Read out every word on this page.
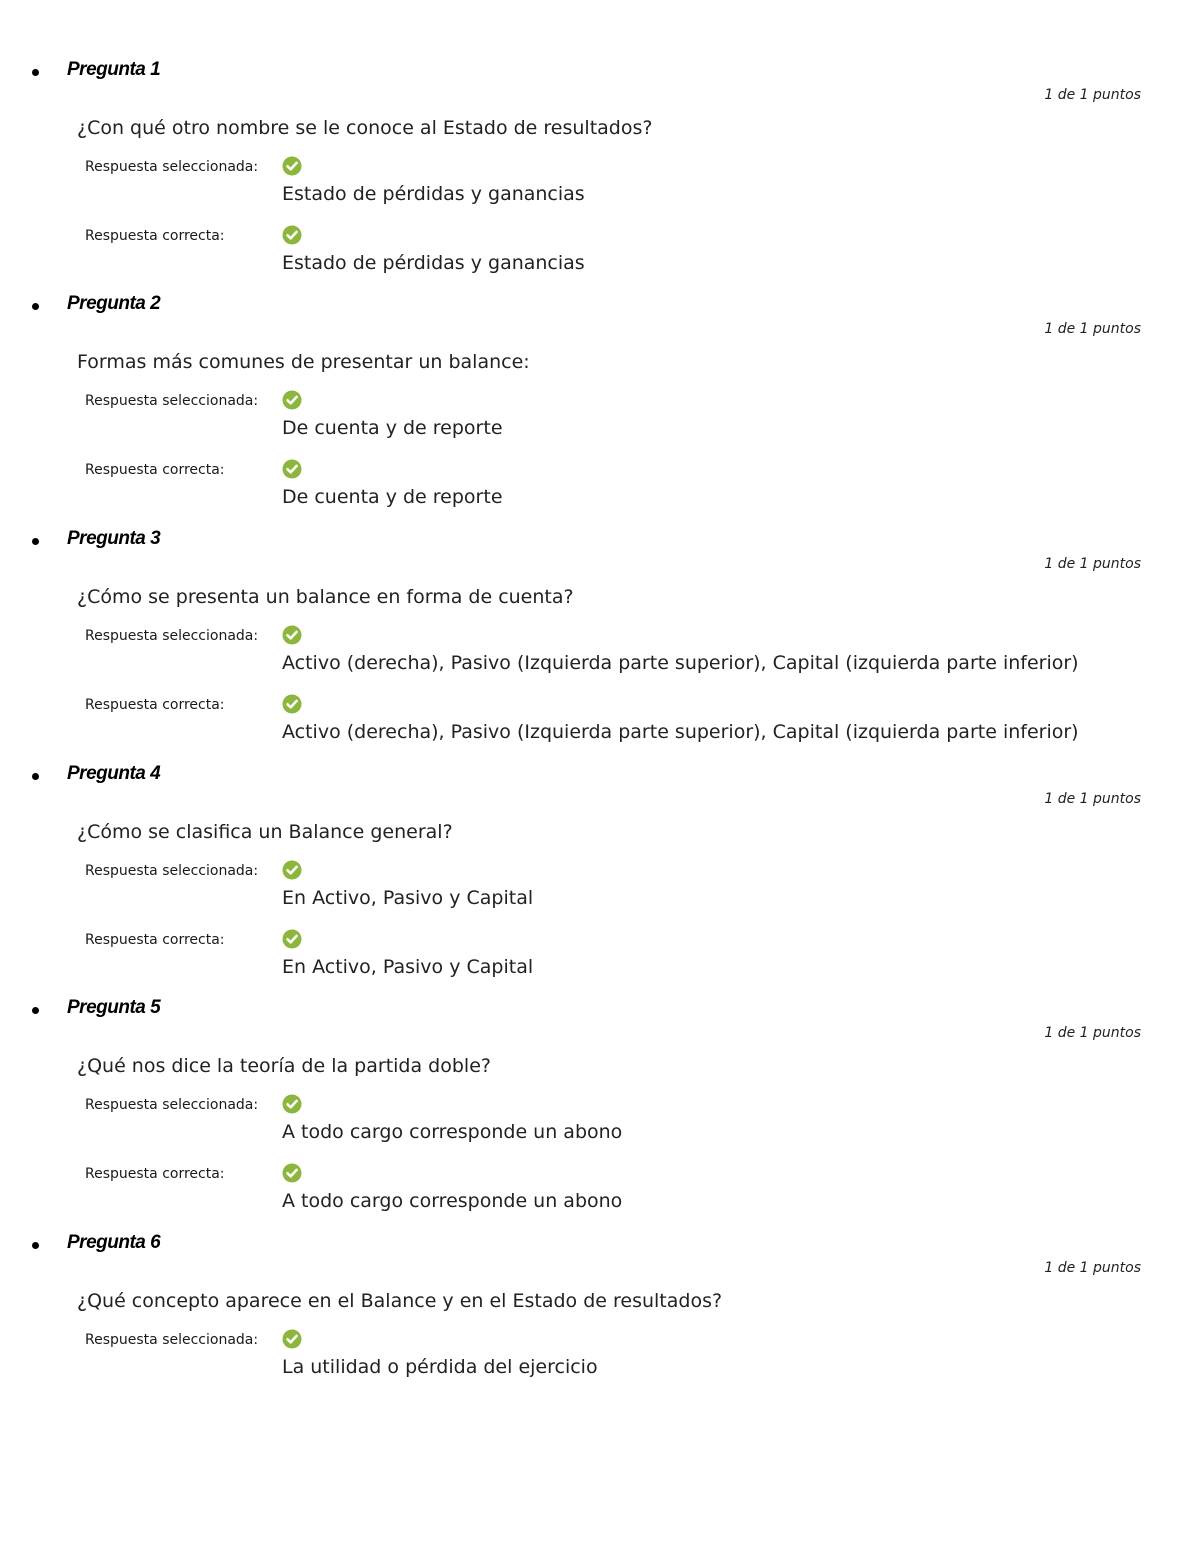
Pregunta 1
1 de 1 puntos
¿Con qué otro nombre se le conoce al Estado de resultados?
Respuesta seleccionada:
Estado de pérdidas y ganancias
Respuesta correcta:
Estado de pérdidas y ganancias
Pregunta 2
1 de 1 puntos
Formas más comunes de presentar un balance:
Respuesta seleccionada:
De cuenta y de reporte
Respuesta correcta:
De cuenta y de reporte
Pregunta 3
1 de 1 puntos
¿Cómo se presenta un balance en forma de cuenta?
Respuesta seleccionada:
Activo (derecha), Pasivo (Izquierda parte superior), Capital (izquierda parte inferior)
Respuesta correcta:
Activo (derecha), Pasivo (Izquierda parte superior), Capital (izquierda parte inferior)
Pregunta 4
1 de 1 puntos
¿Cómo se clasifica un Balance general?
Respuesta seleccionada:
En Activo, Pasivo y Capital
Respuesta correcta:
En Activo, Pasivo y Capital
Pregunta 5
1 de 1 puntos
¿Qué nos dice la teoría de la partida doble?
Respuesta seleccionada:
A todo cargo corresponde un abono
Respuesta correcta:
A todo cargo corresponde un abono
Pregunta 6
1 de 1 puntos
¿Qué concepto aparece en el Balance y en el Estado de resultados?
Respuesta seleccionada:
La utilidad o pérdida del ejercicio
